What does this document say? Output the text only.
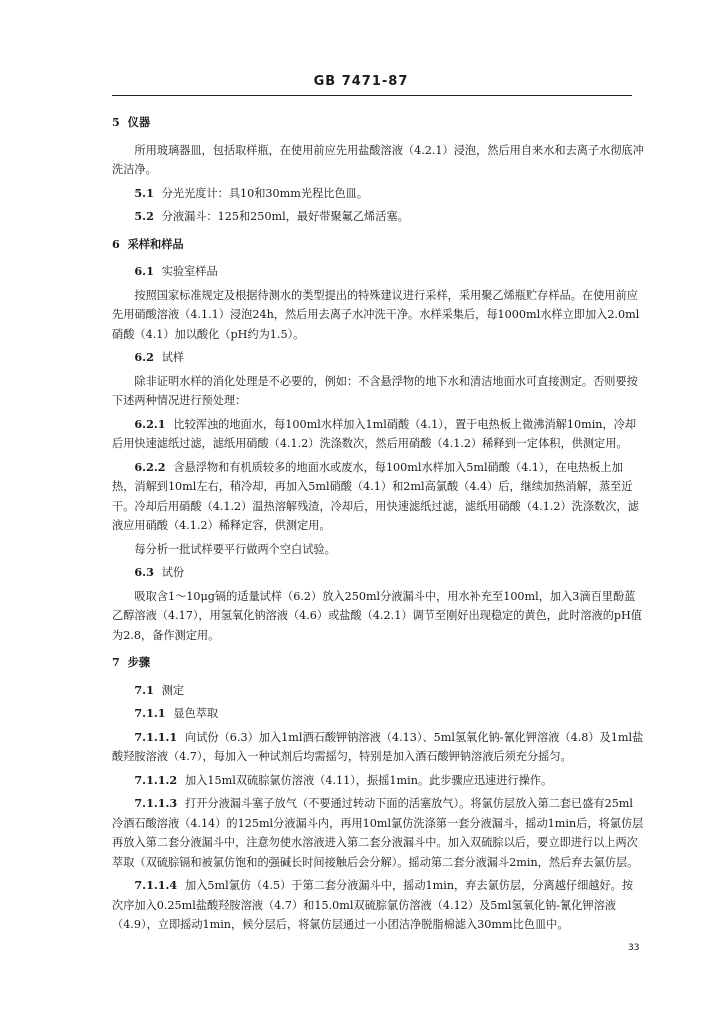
GB 7471-87

5 仪器

所用玻璃器皿，包括取样瓶，在使用前应先用盐酸溶液（4.2.1）浸泡，然后用自来水和去离子水彻底冲洗洁净。

5.1 分光光度计：具10和30mm光程比色皿。

5.2 分液漏斗：125和250ml，最好带聚氟乙烯活塞。

6 采样和样品

6.1 实验室样品

按照国家标准规定及根据待测水的类型提出的特殊建议进行采样，采用聚乙烯瓶贮存样品。在使用前应先用硝酸溶液（4.1.1）浸泡24h，然后用去离子水冲洗干净。水样采集后，每1000ml水样立即加入2.0ml硝酸（4.1）加以酸化（pH约为1.5）。

6.2 试样

除非证明水样的消化处理是不必要的，例如：不含悬浮物的地下水和清洁地面水可直接测定。否则要按下述两种情况进行预处理：

6.2.1 比较浑浊的地面水，每100ml水样加入1ml硝酸（4.1），置于电热板上微沸消解10min，冷却后用快速滤纸过滤，滤纸用硝酸（4.1.2）洗涤数次，然后用硝酸（4.1.2）稀释到一定体积，供测定用。

6.2.2 含悬浮物和有机质较多的地面水或废水，每100ml水样加入5ml硝酸（4.1），在电热板上加热，消解到10ml左右，稍冷却，再加入5ml硝酸（4.1）和2ml高氯酸（4.4）后，继续加热消解，蒸至近干。冷却后用硝酸（4.1.2）温热溶解残渣，冷却后，用快速滤纸过滤，滤纸用硝酸（4.1.2）洗涤数次，滤液应用硝酸（4.1.2）稀释定容，供测定用。

每分析一批试样要平行做两个空白试验。

6.3 试份

吸取含1～10μg镉的适量试样（6.2）放入250ml分液漏斗中，用水补充至100ml，加入3滴百里酚蓝乙醇溶液（4.17），用氢氧化钠溶液（4.6）或盐酸（4.2.1）调节至刚好出现稳定的黄色，此时溶液的pH值为2.8，备作测定用。

7 步骤

7.1 测定

7.1.1 显色萃取

7.1.1.1 向试份（6.3）加入1ml酒石酸钾钠溶液（4.13）、5ml氢氧化钠-氰化钾溶液（4.8）及1ml盐酸羟胺溶液（4.7），每加入一种试剂后均需摇匀，特别是加入酒石酸钾钠溶液后须充分摇匀。

7.1.1.2 加入15ml双硫腙氯仿溶液（4.11），振摇1min。此步骤应迅速进行操作。

7.1.1.3 打开分液漏斗塞子放气（不要通过转动下面的活塞放气）。将氯仿层放入第二套已盛有25ml冷酒石酸溶液（4.14）的125ml分液漏斗内，再用10ml氯仿洗涤第一套分液漏斗，摇动1min后，将氯仿层再放入第二套分液漏斗中，注意勿使水溶液进入第二套分液漏斗中。加入双硫腙以后，要立即进行以上两次萃取（双硫腙镉和被氯仿饱和的强碱长时间接触后会分解）。摇动第二套分液漏斗2min，然后弃去氯仿层。

7.1.1.4 加入5ml氯仿（4.5）于第二套分液漏斗中，摇动1min，弃去氯仿层，分离越仔细越好。按次序加入0.25ml盐酸羟胺溶液（4.7）和15.0ml双硫腙氯仿溶液（4.12）及5ml氢氧化钠-氰化钾溶液（4.9），立即摇动1min，候分层后，将氯仿层通过一小团洁净脱脂棉滤入30mm比色皿中。

33
